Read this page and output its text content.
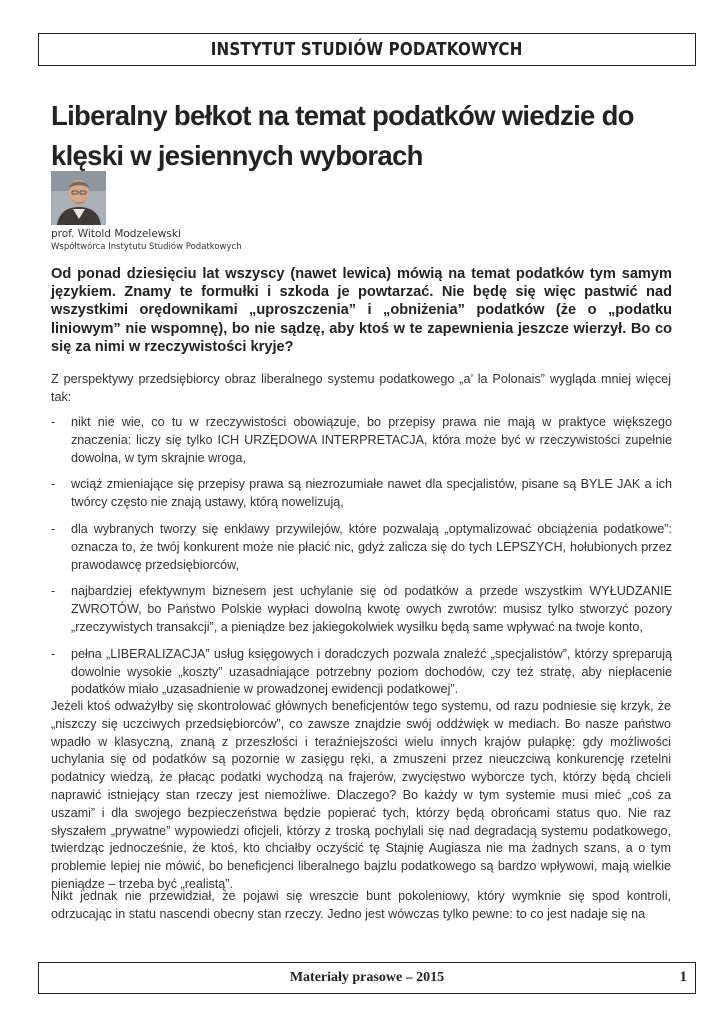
INSTYTUT STUDIÓW PODATKOWYCH
Liberalny bełkot na temat podatków wiedzie do klęski w jesiennych wyborach
prof. Witold Modzelewski
Współtwórca Instytutu Studiów Podatkowych

Od ponad dziesięciu lat wszyscy (nawet lewica) mówią na temat podatków tym samym językiem. Znamy te formułki i szkoda je powtarzać. Nie będę się więc pastwić nad wszystkimi orędownikami „uproszczenia” i „obniżenia” podatków (że o „podatku liniowym” nie wspomnę), bo nie sądzę, aby ktoś w te zapewnienia jeszcze wierzył. Bo co się za nimi w rzeczywistości kryje?

Z perspektywy przedsiębiorcy obraz liberalnego systemu podatkowego „a’ la Polonais” wygląda mniej więcej tak:

- nikt nie wie, co tu w rzeczywistości obowiązuje, bo przepisy prawa nie mają w praktyce większego znaczenia: liczy się tylko ICH URZĘDOWA INTERPRETACJA, która może być w rzeczywistości zupełnie dowolna, w tym skrajnie wroga,
- wciąż zmieniające się przepisy prawa są niezrozumiałe nawet dla specjalistów, pisane są BYLE JAK a ich twórcy często nie znają ustawy, którą nowelizują,
- dla wybranych tworzy się enklawy przywilejów, które pozwalają „optymalizować obciążenia podatkowe”: oznacza to, że twój konkurent może nie płacić nic, gdyż zalicza się do tych LEPSZYCH, hołubionych przez prawodawcę przedsiębiorców,
- najbardziej efektywnym biznesem jest uchylanie się od podatków a przede wszystkim WYŁUDZANIE ZWROTÓW, bo Państwo Polskie wypłaci dowolną kwotę owych zwrotów: musisz tylko stworzyć pozory „rzeczywistych transakcji”, a pieniądze bez jakiegokolwiek wysiłku będą same wpływać na twoje konto,
- pełna „LIBERALIZACJA” usług księgowych i doradczych pozwala znaleźć „specjalistów”, którzy spreparują dowolnie wysokie „koszty” uzasadniające potrzebny poziom dochodów, czy też stratę, aby niepłacenie podatków miało „uzasadnienie w prowadzonej ewidencji podatkowej”.

Jeżeli ktoś odważyłby się skontrolować głównych beneficjentów tego systemu, od razu podniesie się krzyk, że „niszczy się uczciwych przedsiębiorców”, co zawsze znajdzie swój oddźwięk w mediach. Bo nasze państwo wpadło w klasyczną, znaną z przeszłości i teraźniejszości wielu innych krajów pułapkę: gdy możliwości uchylania się od podatków są pozornie w zasięgu ręki, a zmuszeni przez nieuczciwą konkurencję rzetelni podatnicy wiedzą, że płacąc podatki wychodzą na frajerów, zwycięstwo wyborcze tych, którzy będą chcieli naprawić istniejący stan rzeczy jest niemożliwe. Dlaczego? Bo każdy w tym systemie musi mieć „coś za uszami” i dla swojego bezpieczeństwa będzie popierać tych, którzy będą obrońcami status quo. Nie raz słyszałem „prywatne” wypowiedzi oficjeli, którzy z troską pochylali się nad degradacją systemu podatkowego, twierdząc jednocześnie, że ktoś, kto chciałby oczyścić tę Stajnię Augiasza nie ma żadnych szans, a o tym problemie lepiej nie mówić, bo beneficjenci liberalnego bajzlu podatkowego są bardzo wpływowi, mają wielkie pieniądze – trzeba być „realistą”.

Nikt jednak nie przewidział, że pojawi się wreszcie bunt pokoleniowy, który wymknie się spod kontroli, odrzucając in statu nascendi obecny stan rzeczy. Jedno jest wówczas tylko pewne: to co jest nadaje się na

Materiały prasowe – 2015	1
